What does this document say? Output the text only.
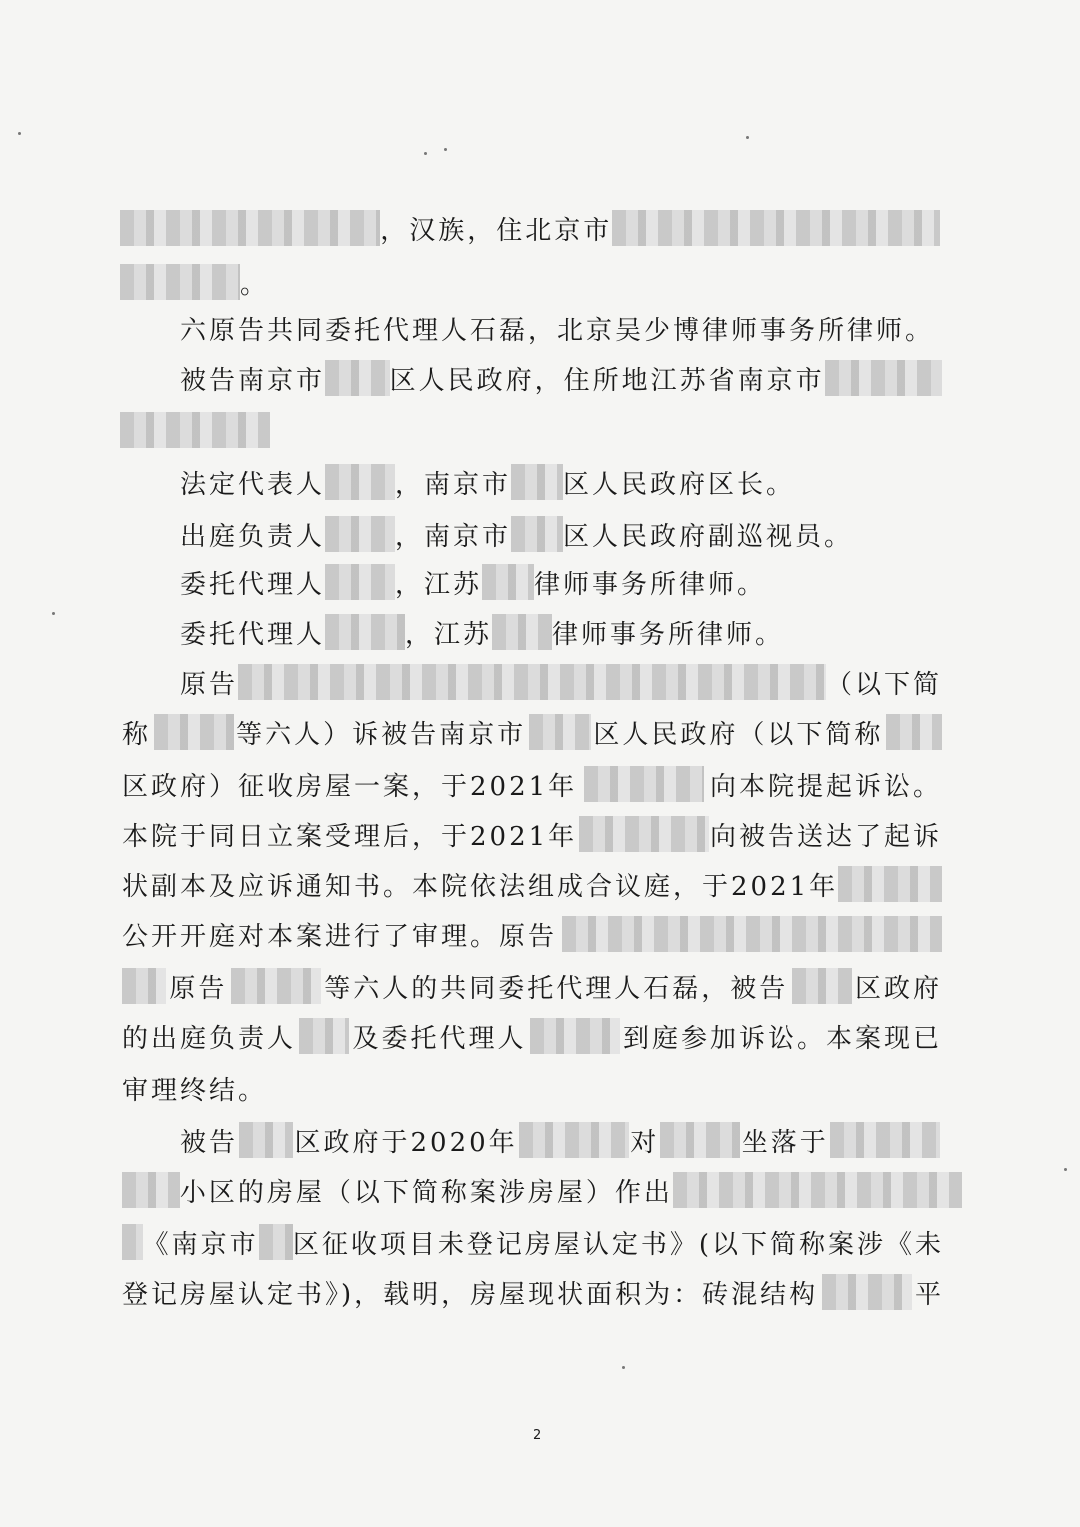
，汉族，住北京市
。
六原告共同委托代理人石磊，北京吴少博律师事务所律师。
被告南京市 区人民政府，住所地江苏省南京市
法定代表人	，南京市 区人民政府区长。
出庭负责人	，南京市 区人民政府副巡视员。
委托代理人	，江苏 律师事务所律师。
委托代理人	，江苏 律师事务所律师。
原告	（以下简
称	等六人）诉被告南京市	区人民政府（以下简称
区政府）征收房屋一案，于2021年	向本院提起诉讼。
本院于同日立案受理后，于2021年	向被告送达了起诉
状副本及应诉通知书。本院依法组成合议庭，于2021年
公开开庭对本案进行了审理。原告
原告	等六人的共同委托代理人石磊，被告	区政府
的出庭负责人 及委托代理人	到庭参加诉讼。本案现已
审理终结。
被告 区政府于2020年	对	坐落于
小区的房屋（以下简称案涉房屋）作出
《南京市 区征收项目未登记房屋认定书》(以下简称案涉《未
登记房屋认定书》)，载明，房屋现状面积为：砖混结构	平
2
